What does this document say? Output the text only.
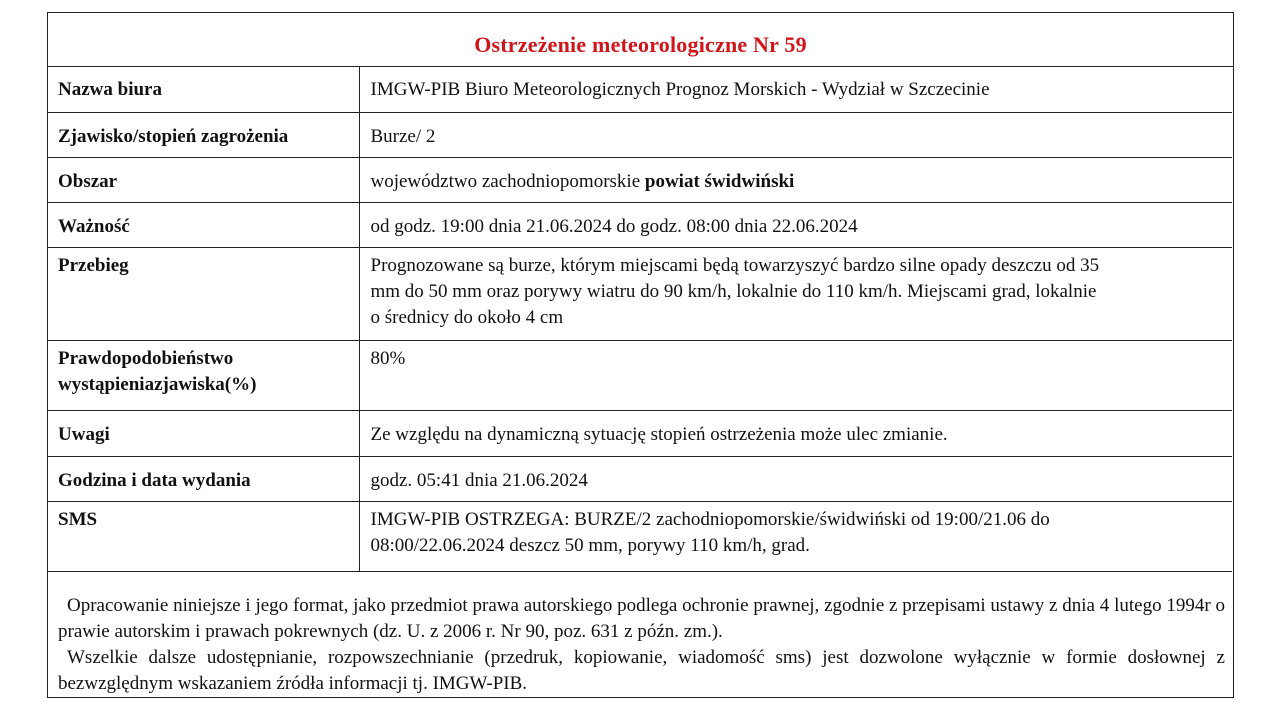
Ostrzeżenie meteorologiczne Nr 59
Nazwa biura	IMGW-PIB Biuro Meteorologicznych Prognoz Morskich - Wydział w Szczecinie

Zjawisko/stopień zagrożenia	Burze/ 2

Obszar	województwo zachodniopomorskie powiat świdwiński

Ważność	od godz. 19:00 dnia 21.06.2024 do godz. 08:00 dnia 22.06.2024

Przebieg	Prognozowane są burze, którym miejscami będą towarzyszyć bardzo silne opady deszczu od 35
mm do 50 mm oraz porywy wiatru do 90 km/h, lokalnie do 110 km/h. Miejscami grad, lokalnie
o średnicy do około 4 cm

Prawdopodobieństwo
wystąpieniazjawiska(%)	80%

Uwagi	Ze względu na dynamiczną sytuację stopień ostrzeżenia może ulec zmianie.

Godzina i data wydania	godz. 05:41 dnia 21.06.2024

SMS	IMGW-PIB OSTRZEGA: BURZE/2 zachodniopomorskie/świdwiński od 19:00/21.06 do
08:00/22.06.2024 deszcz 50 mm, porywy 110 km/h, grad.

Opracowanie niniejsze i jego format, jako przedmiot prawa autorskiego podlega ochronie prawnej, zgodnie z przepisami ustawy z dnia 4 lutego 1994r o prawie autorskim i prawach pokrewnych (dz. U. z 2006 r. Nr 90, poz. 631 z późn. zm.).

Wszelkie dalsze udostępnianie, rozpowszechnianie (przedruk, kopiowanie, wiadomość sms) jest dozwolone wyłącznie w formie dosłownej z bezwzględnym wskazaniem źródła informacji tj. IMGW-PIB.
